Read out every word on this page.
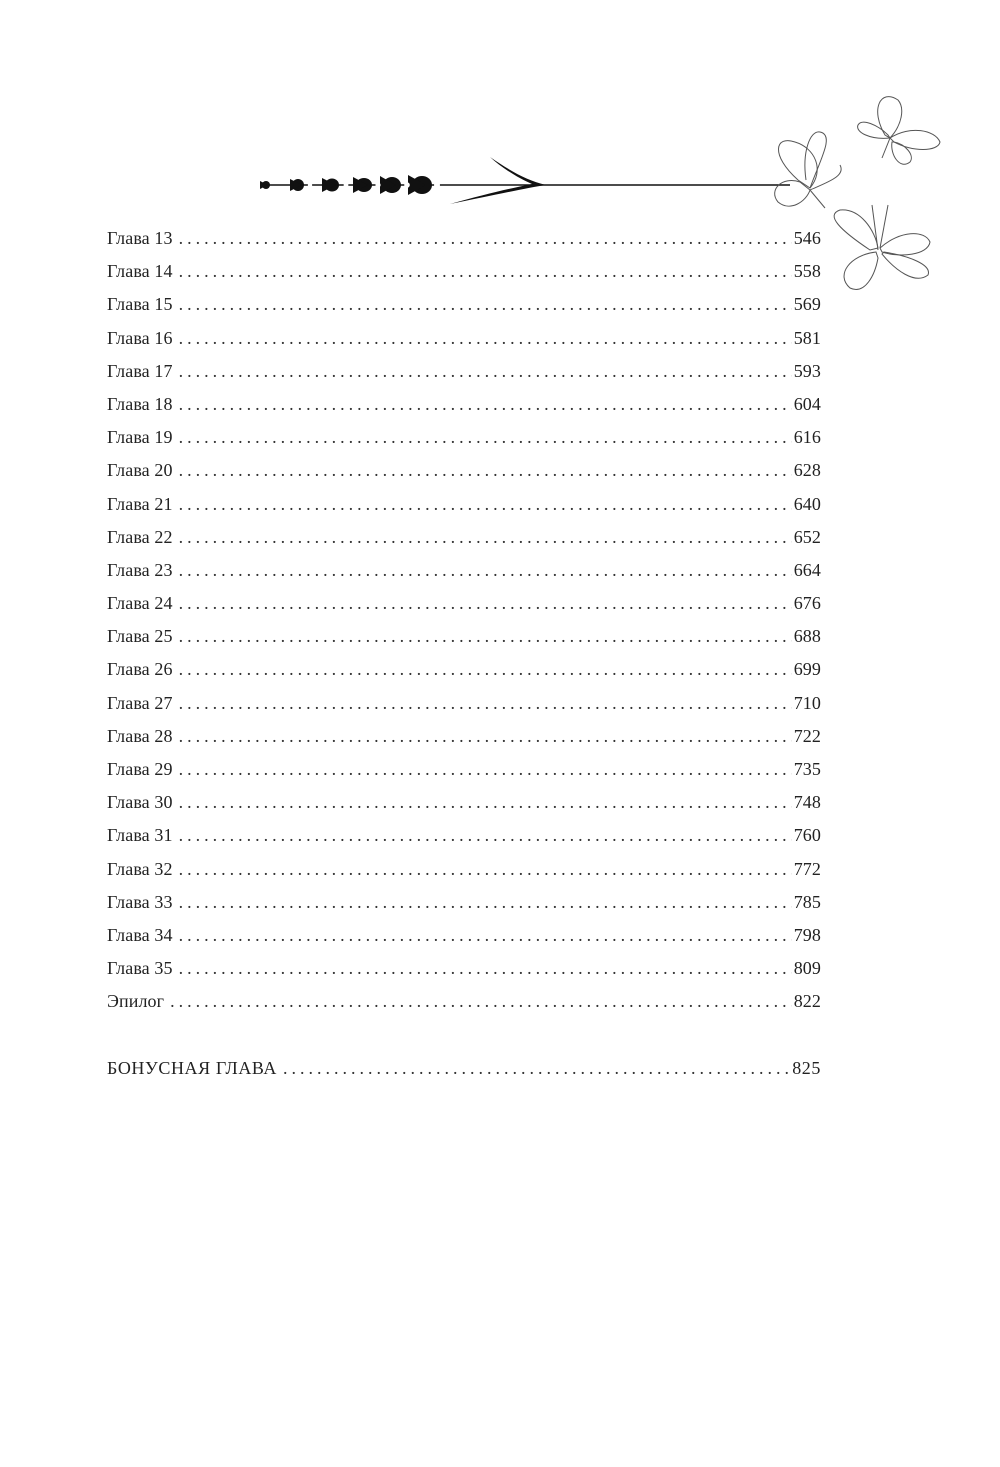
Глава 13 . . .	546
Глава 14 . . .	558
Глава 15 . . .	569
Глава 16 . . .	581
Глава 17 . . .	593
Глава 18 . . .	604
Глава 19 . . .	616
Глава 20 . . .	628
Глава 21 . . .	640
Глава 22 . . .	652
Глава 23 . . .	664
Глава 24 . . .	676
Глава 25 . . .	688
Глава 26 . . .	699
Глава 27 . . .	710
Глава 28 . . .	722
Глава 29 . . .	735
Глава 30 . . .	748
Глава 31 . . .	760
Глава 32 . . .	772
Глава 33 . . .	785
Глава 34 . . .	798
Глава 35 . . .	809
Эпилог . . .	822
БОНУСНАЯ ГЛАВА . . .	825
